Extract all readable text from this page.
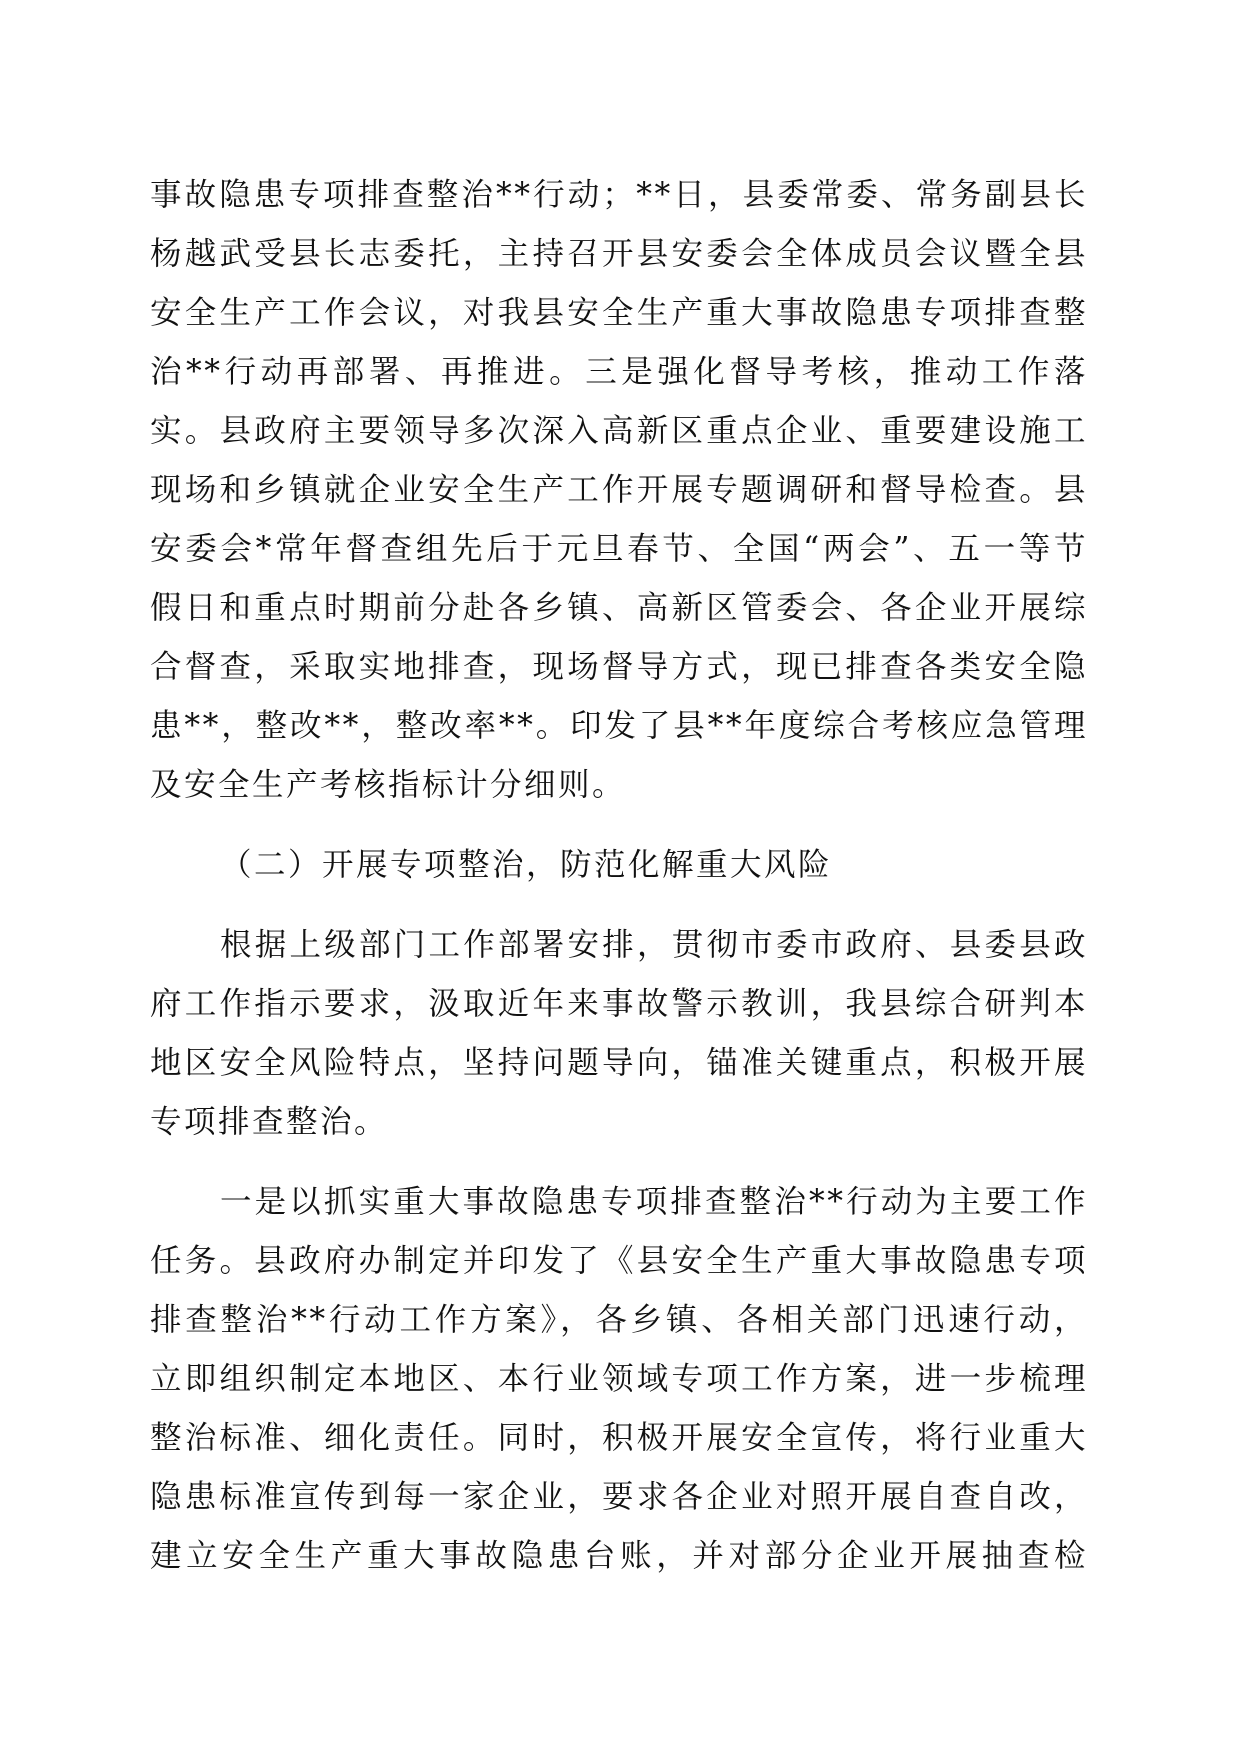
事故隐患专项排查整治**行动；**日，县委常委、常务副县长
杨越武受县长志委托，主持召开县安委会全体成员会议暨全县
安全生产工作会议，对我县安全生产重大事故隐患专项排查整
治**行动再部署、再推进。三是强化督导考核，推动工作落
实。县政府主要领导多次深入高新区重点企业、重要建设施工
现场和乡镇就企业安全生产工作开展专题调研和督导检查。县
安委会*常年督查组先后于元旦春节、全国“两会”、五一等节
假日和重点时期前分赴各乡镇、高新区管委会、各企业开展综
合督查，采取实地排查，现场督导方式，现已排查各类安全隐
患**，整改**，整改率**。印发了县**年度综合考核应急管理
及安全生产考核指标计分细则。

（二）开展专项整治，防范化解重大风险

根据上级部门工作部署安排，贯彻市委市政府、县委县政
府工作指示要求，汲取近年来事故警示教训，我县综合研判本
地区安全风险特点，坚持问题导向，锚准关键重点，积极开展
专项排查整治。

一是以抓实重大事故隐患专项排查整治**行动为主要工作
任务。县政府办制定并印发了《县安全生产重大事故隐患专项
排查整治**行动工作方案》，各乡镇、各相关部门迅速行动，
立即组织制定本地区、本行业领域专项工作方案，进一步梳理
整治标准、细化责任。同时，积极开展安全宣传，将行业重大
隐患标准宣传到每一家企业，要求各企业对照开展自查自改，
建立安全生产重大事故隐患台账，并对部分企业开展抽查检
